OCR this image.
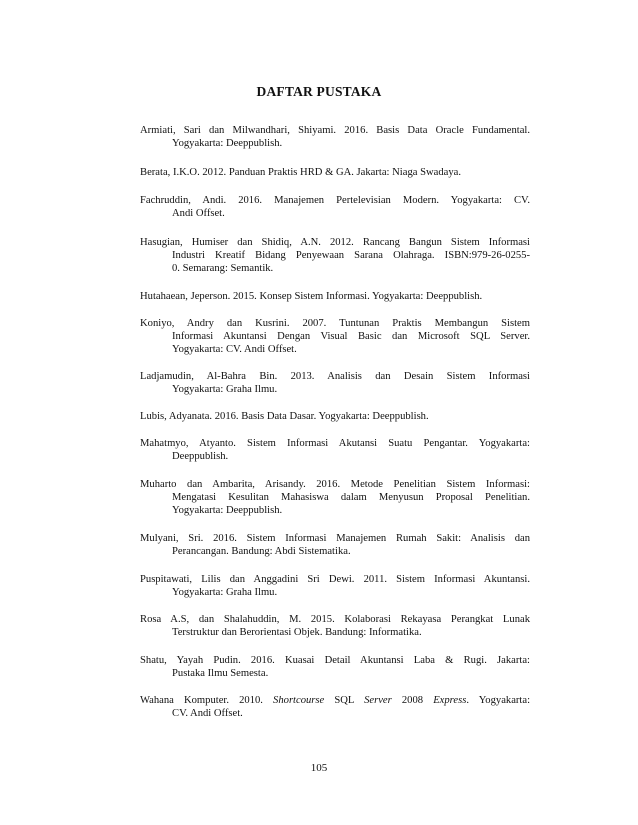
DAFTAR PUSTAKA
Armiati, Sari dan Milwandhari, Shiyami. 2016. Basis Data Oracle Fundamental.
Yogyakarta: Deeppublish.
Berata, I.K.O. 2012. Panduan Praktis HRD & GA. Jakarta: Niaga Swadaya.
Fachruddin, Andi. 2016. Manajemen Pertelevisian Modern. Yogyakarta: CV.
Andi Offset.
Hasugian, Humiser dan Shidiq, A.N. 2012. Rancang Bangun Sistem Informasi
Industri Kreatif Bidang Penyewaan Sarana Olahraga. ISBN:979-26-0255-
0. Semarang: Semantik.
Hutahaean, Jeperson. 2015. Konsep Sistem Informasi. Yogyakarta: Deeppublish.
Koniyo, Andry dan Kusrini. 2007. Tuntunan Praktis Membangun Sistem
Informasi Akuntansi Dengan Visual Basic dan Microsoft SQL Server.
Yogyakarta: CV. Andi Offset.
Ladjamudin, Al-Bahra Bin. 2013. Analisis dan Desain Sistem Informasi
Yogyakarta: Graha Ilmu.
Lubis, Adyanata. 2016. Basis Data Dasar. Yogyakarta: Deeppublish.
Mahatmyo, Atyanto. Sistem Informasi Akutansi Suatu Pengantar. Yogyakarta:
Deeppublish.
Muharto dan Ambarita, Arisandy. 2016. Metode Penelitian Sistem Informasi:
Mengatasi Kesulitan Mahasiswa dalam Menyusun Proposal Penelitian.
Yogyakarta: Deeppublish.
Mulyani, Sri. 2016. Sistem Informasi Manajemen Rumah Sakit: Analisis dan
Perancangan. Bandung: Abdi Sistematika.
Puspitawati, Lilis dan Anggadini Sri Dewi. 2011. Sistem Informasi Akuntansi.
Yogyakarta: Graha Ilmu.
Rosa A.S, dan Shalahuddin, M. 2015. Kolaborasi Rekayasa Perangkat Lunak
Terstruktur dan Berorientasi Objek. Bandung: Informatika.
Shatu, Yayah Pudin. 2016. Kuasai Detail Akuntansi Laba & Rugi. Jakarta:
Pustaka Ilmu Semesta.
Wahana Komputer. 2010. Shortcourse SQL Server 2008 Express. Yogyakarta:
CV. Andi Offset.
105
